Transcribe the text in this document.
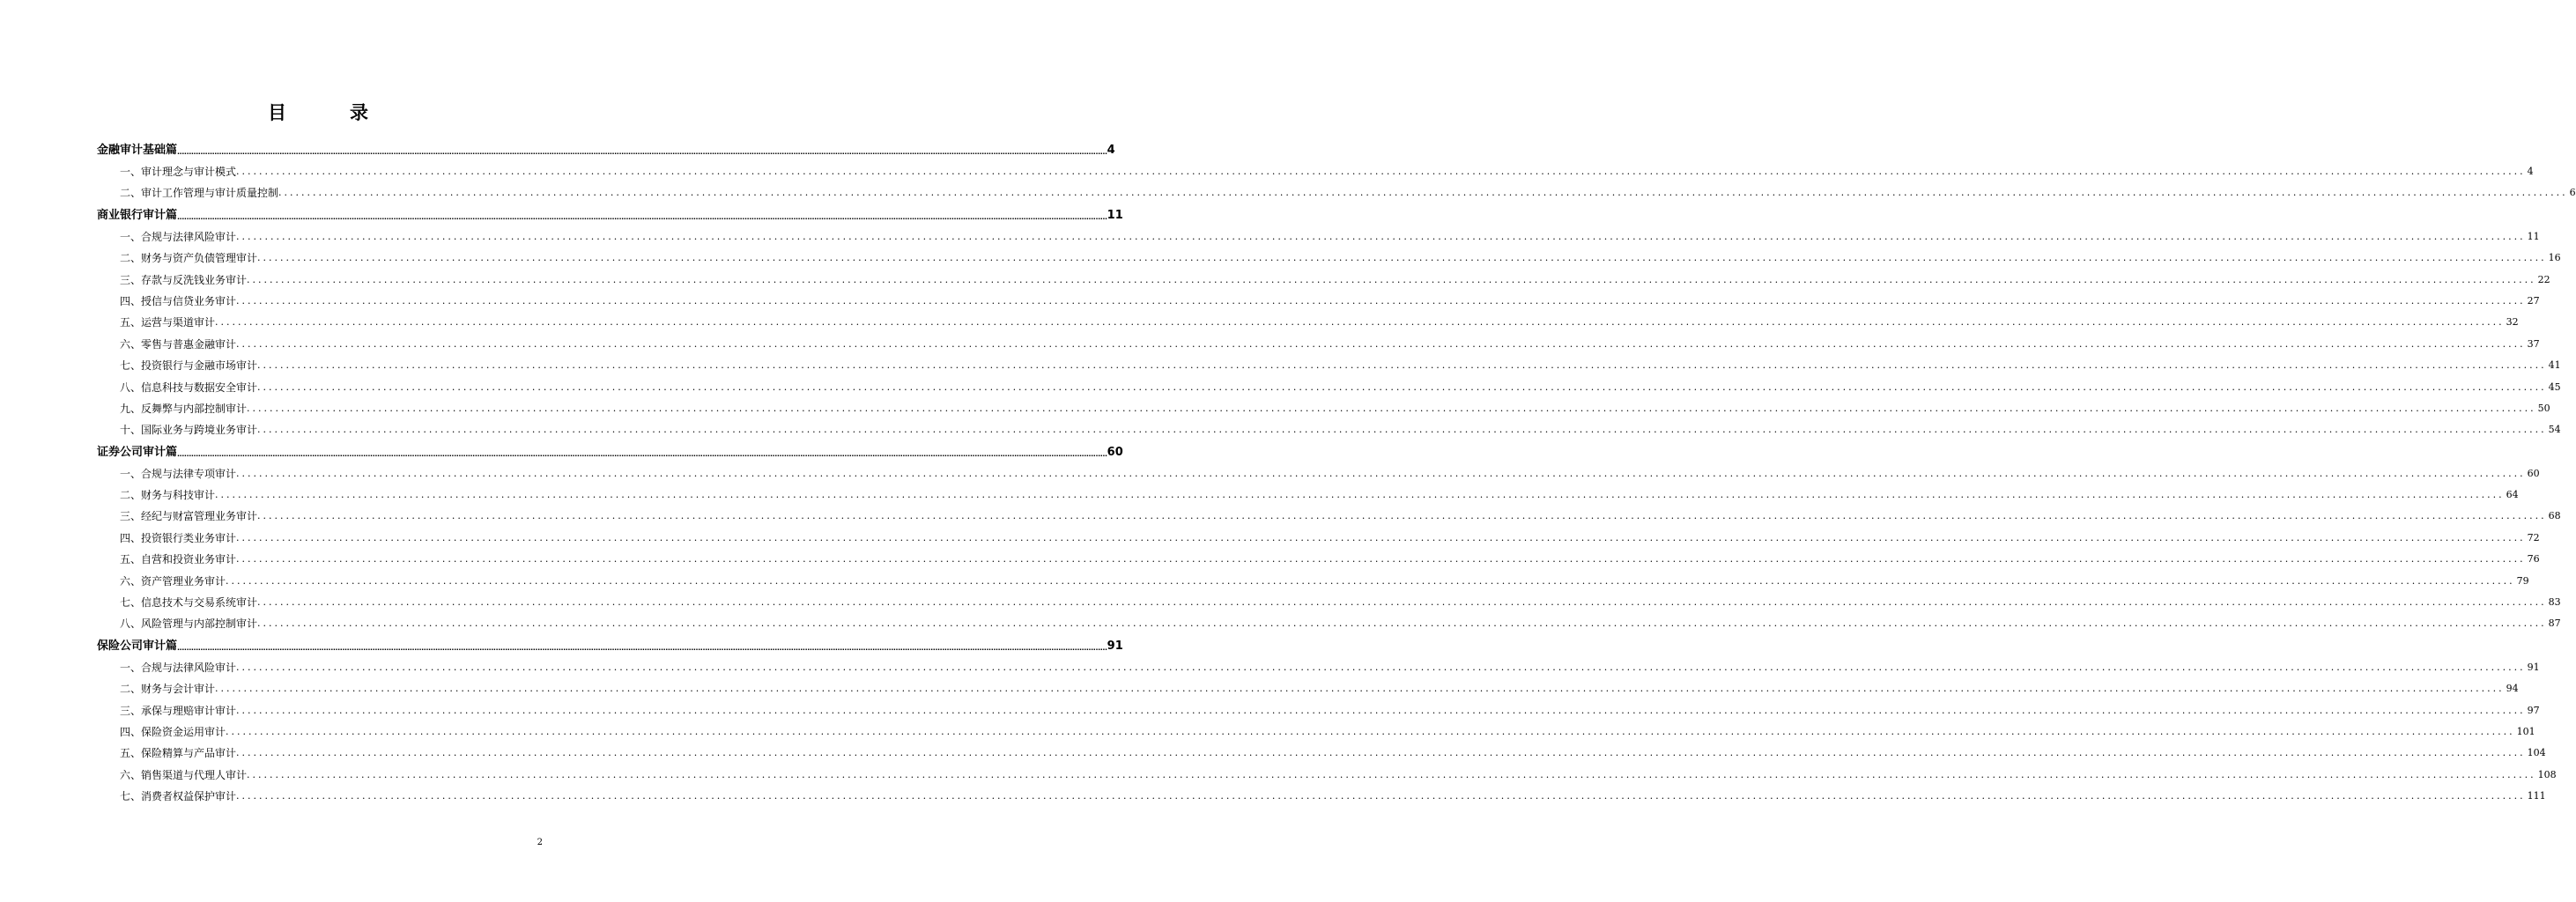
目	录
金融审计基础篇 ................................................................................................................................................................................................................................................................................................................................................................................................................ 4
一、审计理念与审计模式 ................................................................................................................................................................................................................................................................................................................................................................................................................ 4
二、审计工作管理与审计质量控制 ................................................................................................................................................................................................................................................................................................................................................................................................................ 6
商业银行审计篇 ................................................................................................................................................................................................................................................................................................................................................................................................................ 11
一、合规与法律风险审计 ................................................................................................................................................................................................................................................................................................................................................................................................................ 11
二、财务与资产负债管理审计 ................................................................................................................................................................................................................................................................................................................................................................................................................ 16
三、存款与反洗钱业务审计 ................................................................................................................................................................................................................................................................................................................................................................................................................ 22
四、授信与信贷业务审计 ................................................................................................................................................................................................................................................................................................................................................................................................................ 27
五、运营与渠道审计 ................................................................................................................................................................................................................................................................................................................................................................................................................ 32
六、零售与普惠金融审计 ................................................................................................................................................................................................................................................................................................................................................................................................................ 37
七、投资银行与金融市场审计 ................................................................................................................................................................................................................................................................................................................................................................................................................ 41
八、信息科技与数据安全审计 ................................................................................................................................................................................................................................................................................................................................................................................................................ 45
九、反舞弊与内部控制审计 ................................................................................................................................................................................................................................................................................................................................................................................................................ 50
十、国际业务与跨境业务审计 ................................................................................................................................................................................................................................................................................................................................................................................................................ 54
证券公司审计篇 ................................................................................................................................................................................................................................................................................................................................................................................................................ 60
一、合规与法律专项审计 ................................................................................................................................................................................................................................................................................................................................................................................................................ 60
二、财务与科技审计 ................................................................................................................................................................................................................................................................................................................................................................................................................ 64
三、经纪与财富管理业务审计 ................................................................................................................................................................................................................................................................................................................................................................................................................ 68
四、投资银行类业务审计 ................................................................................................................................................................................................................................................................................................................................................................................................................ 72
五、自营和投资业务审计 ................................................................................................................................................................................................................................................................................................................................................................................................................ 76
六、资产管理业务审计 ................................................................................................................................................................................................................................................................................................................................................................................................................ 79
七、信息技术与交易系统审计 ................................................................................................................................................................................................................................................................................................................................................................................................................ 83
八、风险管理与内部控制审计 ................................................................................................................................................................................................................................................................................................................................................................................................................ 87
保险公司审计篇 ................................................................................................................................................................................................................................................................................................................................................................................................................ 91
一、合规与法律风险审计 ................................................................................................................................................................................................................................................................................................................................................................................................................ 91
二、财务与会计审计 ................................................................................................................................................................................................................................................................................................................................................................................................................ 94
三、承保与理赔审计审计 ................................................................................................................................................................................................................................................................................................................................................................................................................ 97
四、保险资金运用审计 ................................................................................................................................................................................................................................................................................................................................................................................................................ 101
五、保险精算与产品审计 ................................................................................................................................................................................................................................................................................................................................................................................................................ 104
六、销售渠道与代理人审计 ................................................................................................................................................................................................................................................................................................................................................................................................................ 108
七、消费者权益保护审计 ................................................................................................................................................................................................................................................................................................................................................................................................................ 111
2
